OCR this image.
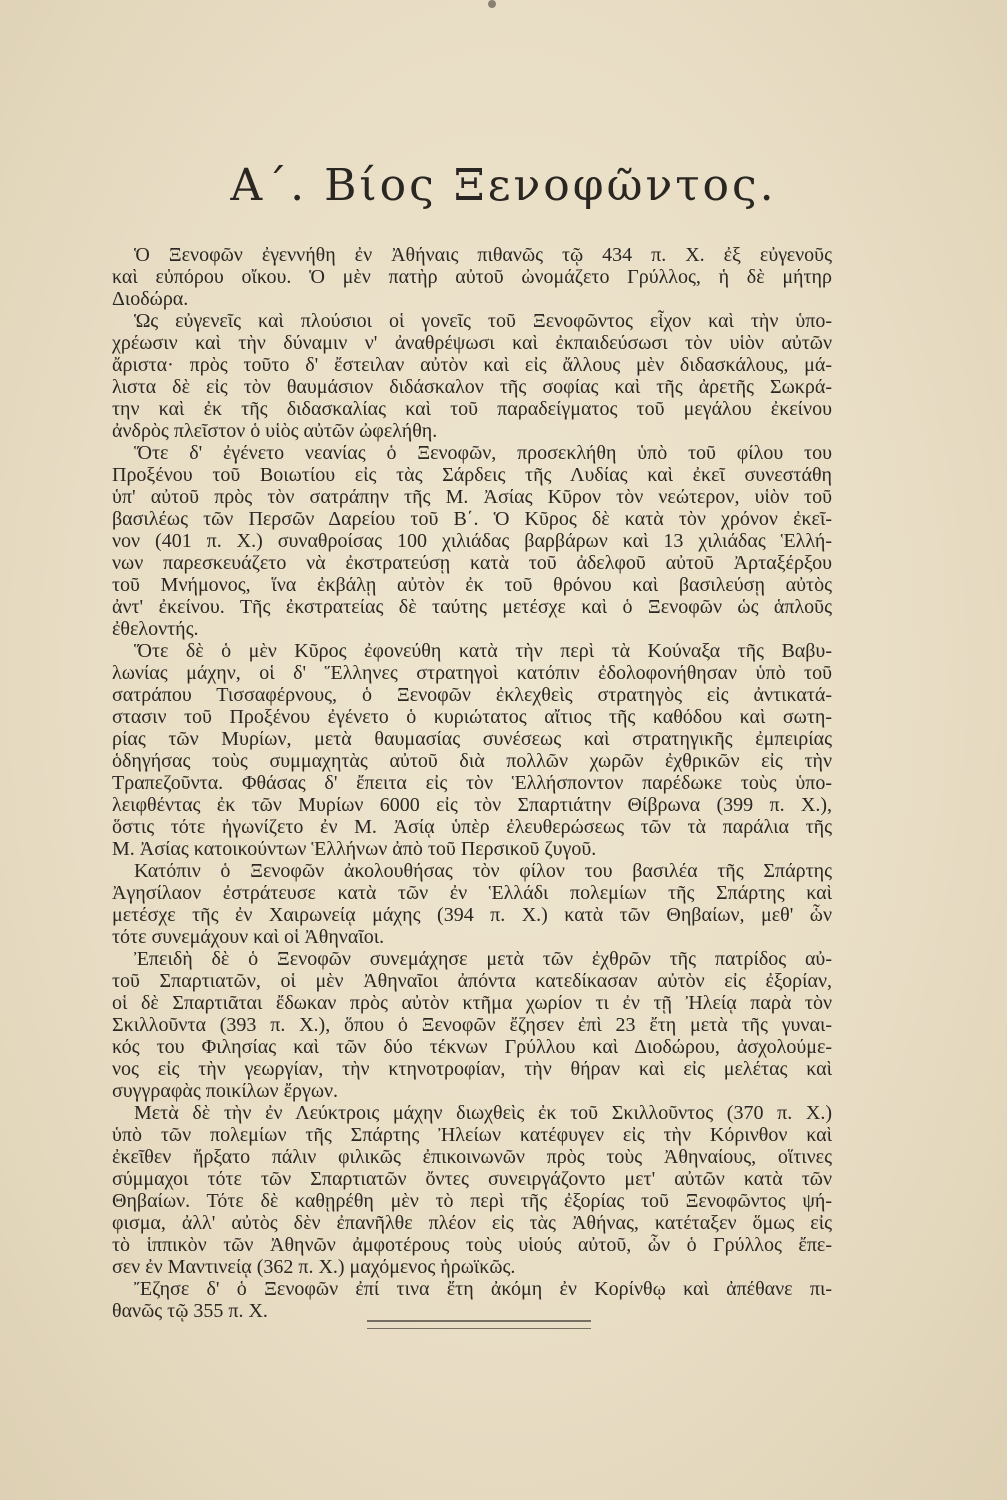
Α΄. Βίος Ξενοφῶντος.
Ὁ Ξενοφῶν ἐγεννήθη ἐν Ἀθήναις πιθανῶς τῷ 434 π. Χ. ἐξ εὐγενοῦς
καὶ εὐπόρου οἴκου. Ὁ μὲν πατὴρ αὐτοῦ ὠνομάζετο Γρύλλος, ἡ δὲ μήτηρ
Διοδώρα.
Ὡς εὐγενεῖς καὶ πλούσιοι οἱ γονεῖς τοῦ Ξενοφῶντος εἶχον καὶ τὴν ὑπο-
χρέωσιν καὶ τὴν δύναμιν ν' ἀναθρέψωσι καὶ ἐκπαιδεύσωσι τὸν υἱὸν αὐτῶν
ἄριστα· πρὸς τοῦτο δ' ἔστειλαν αὐτὸν καὶ εἰς ἄλλους μὲν διδασκάλους, μά-
λιστα δὲ εἰς τὸν θαυμάσιον διδάσκαλον τῆς σοφίας καὶ τῆς ἀρετῆς Σωκρά-
την καὶ ἐκ τῆς διδασκαλίας καὶ τοῦ παραδείγματος τοῦ μεγάλου ἐκείνου
ἀνδρὸς πλεῖστον ὁ υἱὸς αὐτῶν ὠφελήθη.
Ὅτε δ' ἐγένετο νεανίας ὁ Ξενοφῶν, προσεκλήθη ὑπὸ τοῦ φίλου του
Προξένου τοῦ Βοιωτίου εἰς τὰς Σάρδεις τῆς Λυδίας καὶ ἐκεῖ συνεστάθη
ὑπ' αὐτοῦ πρὸς τὸν σατράπην τῆς Μ. Ἀσίας Κῦρον τὸν νεώτερον, υἱὸν τοῦ
βασιλέως τῶν Περσῶν Δαρείου τοῦ Β΄. Ὁ Κῦρος δὲ κατὰ τὸν χρόνον ἐκεῖ-
νον (401 π. Χ.) συναθροίσας 100 χιλιάδας βαρβάρων καὶ 13 χιλιάδας Ἑλλή-
νων παρεσκευάζετο νὰ ἐκστρατεύσῃ κατὰ τοῦ ἀδελφοῦ αὐτοῦ Ἀρταξέρξου
τοῦ Μνήμονος, ἵνα ἐκβάλῃ αὐτὸν ἐκ τοῦ θρόνου καὶ βασιλεύσῃ αὐτὸς
ἀντ' ἐκείνου. Τῆς ἐκστρατείας δὲ ταύτης μετέσχε καὶ ὁ Ξενοφῶν ὡς ἁπλοῦς
ἐθελοντής.
Ὅτε δὲ ὁ μὲν Κῦρος ἐφονεύθη κατὰ τὴν περὶ τὰ Κούναξα τῆς Βαβυ-
λωνίας μάχην, οἱ δ' Ἕλληνες στρατηγοὶ κατόπιν ἐδολοφονήθησαν ὑπὸ τοῦ
σατράπου Τισσαφέρνους, ὁ Ξενοφῶν ἐκλεχθεὶς στρατηγὸς εἰς ἀντικατά-
στασιν τοῦ Προξένου ἐγένετο ὁ κυριώτατος αἴτιος τῆς καθόδου καὶ σωτη-
ρίας τῶν Μυρίων, μετὰ θαυμασίας συνέσεως καὶ στρατηγικῆς ἐμπειρίας
ὁδηγήσας τοὺς συμμαχητὰς αὐτοῦ διὰ πολλῶν χωρῶν ἐχθρικῶν εἰς τὴν
Τραπεζοῦντα. Φθάσας δ' ἔπειτα εἰς τὸν Ἑλλήσποντον παρέδωκε τοὺς ὑπο-
λειφθέντας ἐκ τῶν Μυρίων 6000 εἰς τὸν Σπαρτιάτην Θίβρωνα (399 π. Χ.),
ὅστις τότε ἠγωνίζετο ἐν Μ. Ἀσίᾳ ὑπὲρ ἐλευθερώσεως τῶν τὰ παράλια τῆς
Μ. Ἀσίας κατοικούντων Ἑλλήνων ἀπὸ τοῦ Περσικοῦ ζυγοῦ.
Κατόπιν ὁ Ξενοφῶν ἀκολουθήσας τὸν φίλον του βασιλέα τῆς Σπάρτης
Ἀγησίλαον ἐστράτευσε κατὰ τῶν ἐν Ἑλλάδι πολεμίων τῆς Σπάρτης καὶ
μετέσχε τῆς ἐν Χαιρωνείᾳ μάχης (394 π. Χ.) κατὰ τῶν Θηβαίων, μεθ' ὧν
τότε συνεμάχουν καὶ οἱ Ἀθηναῖοι.
Ἐπειδὴ δὲ ὁ Ξενοφῶν συνεμάχησε μετὰ τῶν ἐχθρῶν τῆς πατρίδος αὐ-
τοῦ Σπαρτιατῶν, οἱ μὲν Ἀθηναῖοι ἀπόντα κατεδίκασαν αὐτὸν εἰς ἐξορίαν,
οἱ δὲ Σπαρτιᾶται ἔδωκαν πρὸς αὐτὸν κτῆμα χωρίον τι ἐν τῇ Ἠλείᾳ παρὰ τὸν
Σκιλλοῦντα (393 π. Χ.), ὅπου ὁ Ξενοφῶν ἔζησεν ἐπὶ 23 ἔτη μετὰ τῆς γυναι-
κός του Φιλησίας καὶ τῶν δύο τέκνων Γρύλλου καὶ Διοδώρου, ἀσχολούμε-
νος εἰς τὴν γεωργίαν, τὴν κτηνοτροφίαν, τὴν θήραν καὶ εἰς μελέτας καὶ
συγγραφὰς ποικίλων ἔργων.
Μετὰ δὲ τὴν ἐν Λεύκτροις μάχην διωχθεὶς ἐκ τοῦ Σκιλλοῦντος (370 π. Χ.)
ὑπὸ τῶν πολεμίων τῆς Σπάρτης Ἠλείων κατέφυγεν εἰς τὴν Κόρινθον καὶ
ἐκεῖθεν ἤρξατο πάλιν φιλικῶς ἐπικοινωνῶν πρὸς τοὺς Ἀθηναίους, οἵτινες
σύμμαχοι τότε τῶν Σπαρτιατῶν ὄντες συνειργάζοντο μετ' αὐτῶν κατὰ τῶν
Θηβαίων. Τότε δὲ καθῃρέθη μὲν τὸ περὶ τῆς ἐξορίας τοῦ Ξενοφῶντος ψή-
φισμα, ἀλλ' αὐτὸς δὲν ἐπανῆλθε πλέον εἰς τὰς Ἀθήνας, κατέταξεν ὅμως εἰς
τὸ ἱππικὸν τῶν Ἀθηνῶν ἀμφοτέρους τοὺς υἱούς αὐτοῦ, ὧν ὁ Γρύλλος ἔπε-
σεν ἐν Μαντινείᾳ (362 π. Χ.) μαχόμενος ἡρωϊκῶς.
Ἔζησε δ' ὁ Ξενοφῶν ἐπί τινα ἔτη ἀκόμη ἐν Κορίνθῳ καὶ ἀπέθανε πι-
θανῶς τῷ 355 π. Χ.
